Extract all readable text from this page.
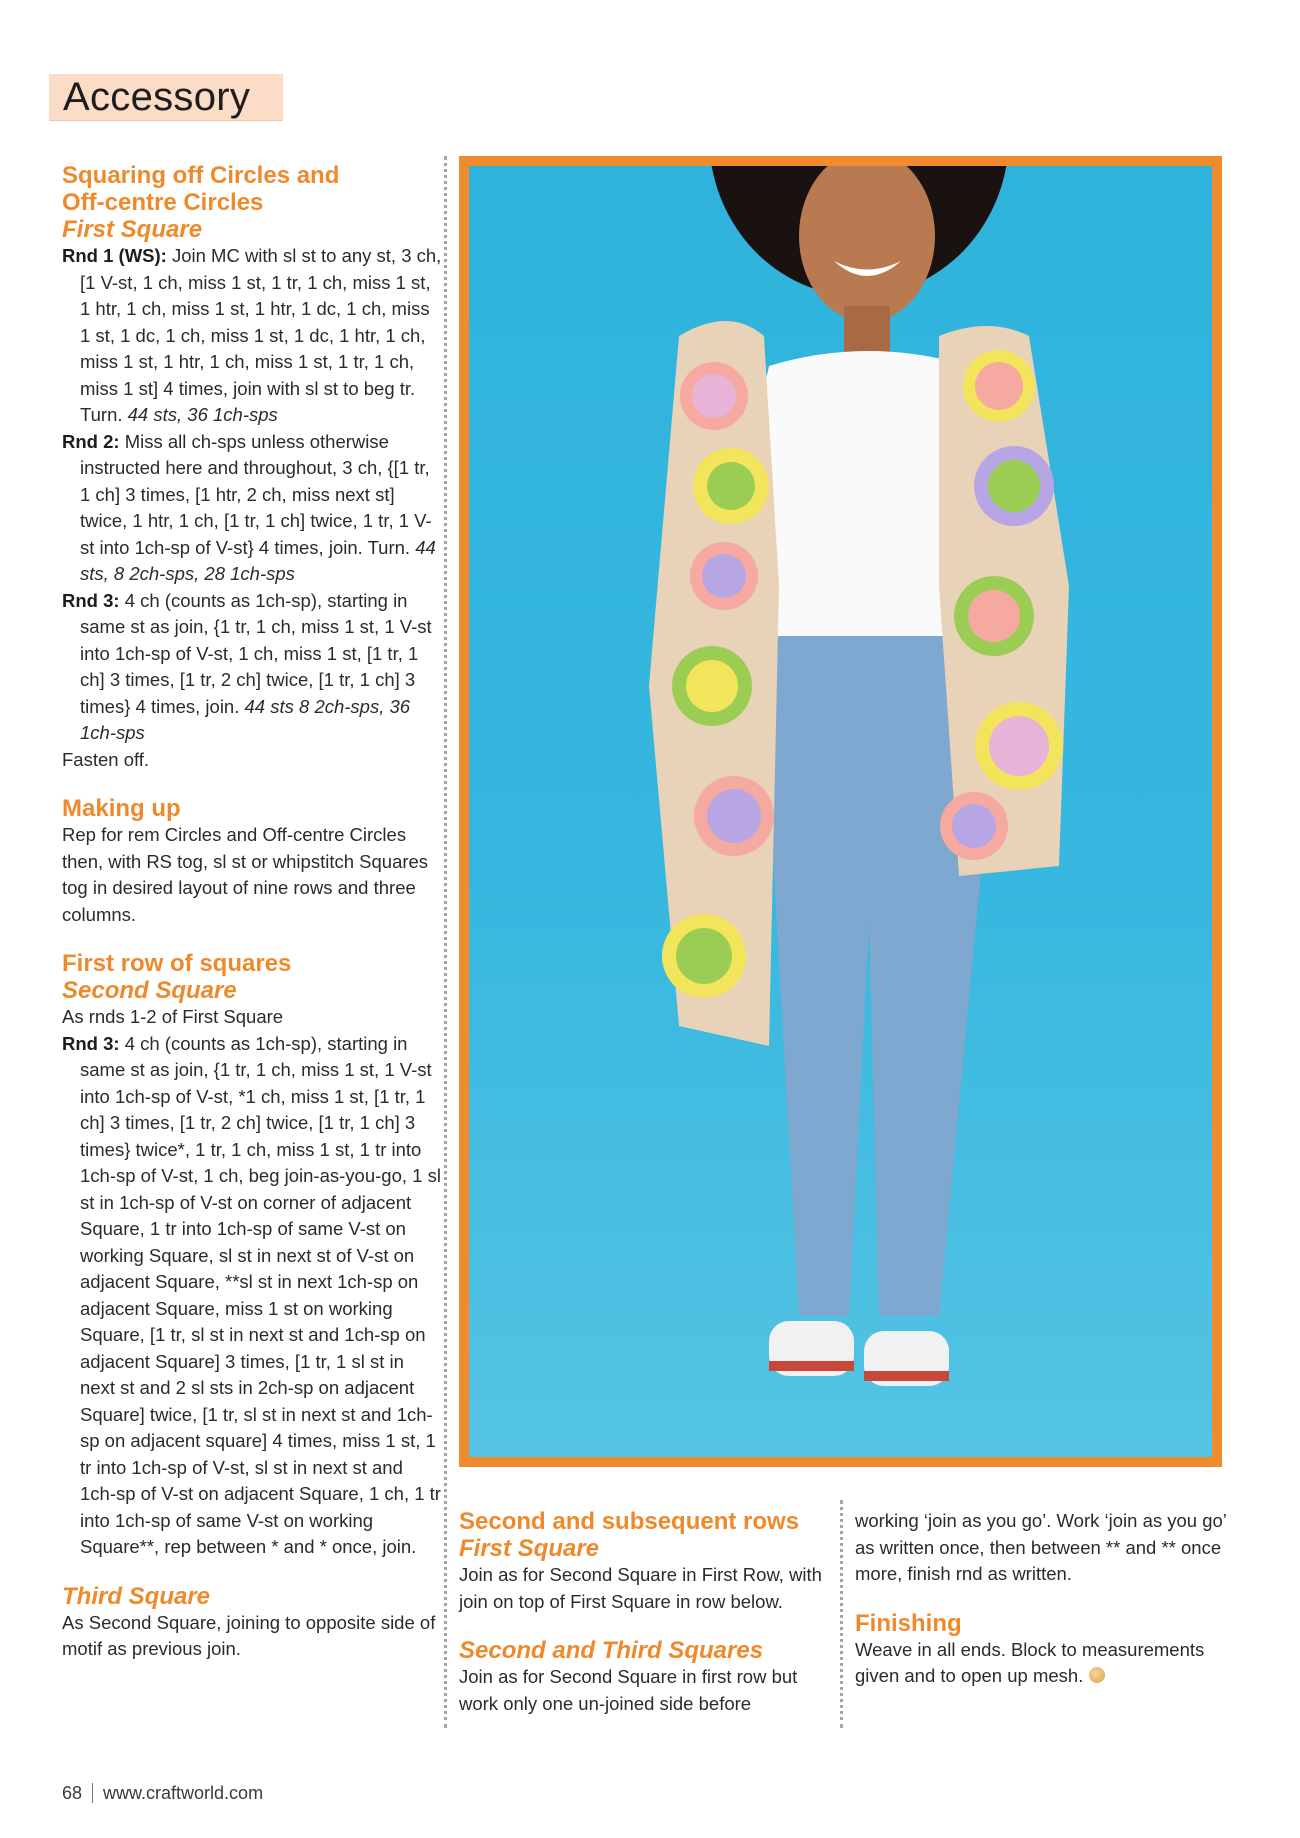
Accessory
Squaring off Circles and
Off-centre Circles
First Square

Rnd 1 (WS): Join MC with sl st to any st, 3 ch, [1 V-st, 1 ch, miss 1 st, 1 tr, 1 ch, miss 1 st, 1 htr, 1 ch, miss 1 st, 1 htr, 1 dc, 1 ch, miss 1 st, 1 dc, 1 ch, miss 1 st, 1 dc, 1 htr, 1 ch, miss 1 st, 1 htr, 1 ch, miss 1 st, 1 tr, 1 ch, miss 1 st] 4 times, join with sl st to beg tr. Turn. 44 sts, 36 1ch-sps

Rnd 2: Miss all ch-sps unless otherwise instructed here and throughout, 3 ch, {[1 tr, 1 ch] 3 times, [1 htr, 2 ch, miss next st] twice, 1 htr, 1 ch, [1 tr, 1 ch] twice, 1 tr, 1 V-st into 1ch-sp of V-st} 4 times, join. Turn. 44 sts, 8 2ch-sps, 28 1ch-sps

Rnd 3: 4 ch (counts as 1ch-sp), starting in same st as join, {1 tr, 1 ch, miss 1 st, 1 V-st into 1ch-sp of V-st, 1 ch, miss 1 st, [1 tr, 1 ch] 3 times, [1 tr, 2 ch] twice, [1 tr, 1 ch] 3 times} 4 times, join. 44 sts 8 2ch-sps, 36 1ch-sps

Fasten off.

Making up

Rep for rem Circles and Off-centre Circles then, with RS tog, sl st or whipstitch Squares tog in desired layout of nine rows and three columns.

First row of squares
Second Square

As rnds 1-2 of First Square

Rnd 3: 4 ch (counts as 1ch-sp), starting in same st as join, {1 tr, 1 ch, miss 1 st, 1 V-st into 1ch-sp of V-st, *1 ch, miss 1 st, [1 tr, 1 ch] 3 times, [1 tr, 2 ch] twice, [1 tr, 1 ch] 3 times} twice*, 1 tr, 1 ch, miss 1 st, 1 tr into 1ch-sp of V-st, 1 ch, beg join-as-you-go, 1 sl st in 1ch-sp of V-st on corner of adjacent Square, 1 tr into 1ch-sp of same V-st on working Square, sl st in next st of V-st on adjacent Square, **sl st in next 1ch-sp on adjacent Square, miss 1 st on working Square, [1 tr, sl st in next st and 1ch-sp on adjacent Square] 3 times, [1 tr, 1 sl st in next st and 2 sl sts in 2ch-sp on adjacent Square] twice, [1 tr, sl st in next st and 1ch-sp on adjacent square] 4 times, miss 1 st, 1 tr into 1ch-sp of V-st, sl st in next st and 1ch-sp of V-st on adjacent Square, 1 ch, 1 tr into 1ch-sp of same V-st on working Square**, rep between * and * once, join.

Third Square

As Second Square, joining to opposite side of motif as previous join.

Second and subsequent rows
First Square

Join as for Second Square in First Row, with join on top of First Square in row below.

Second and Third Squares

Join as for Second Square in first row but work only one un-joined side before

working ‘join as you go’. Work ‘join as you go’ as written once, then between ** and ** once more, finish rnd as written.

Finishing

Weave in all ends. Block to measurements given and to open up mesh.

68 www.craftworld.com
